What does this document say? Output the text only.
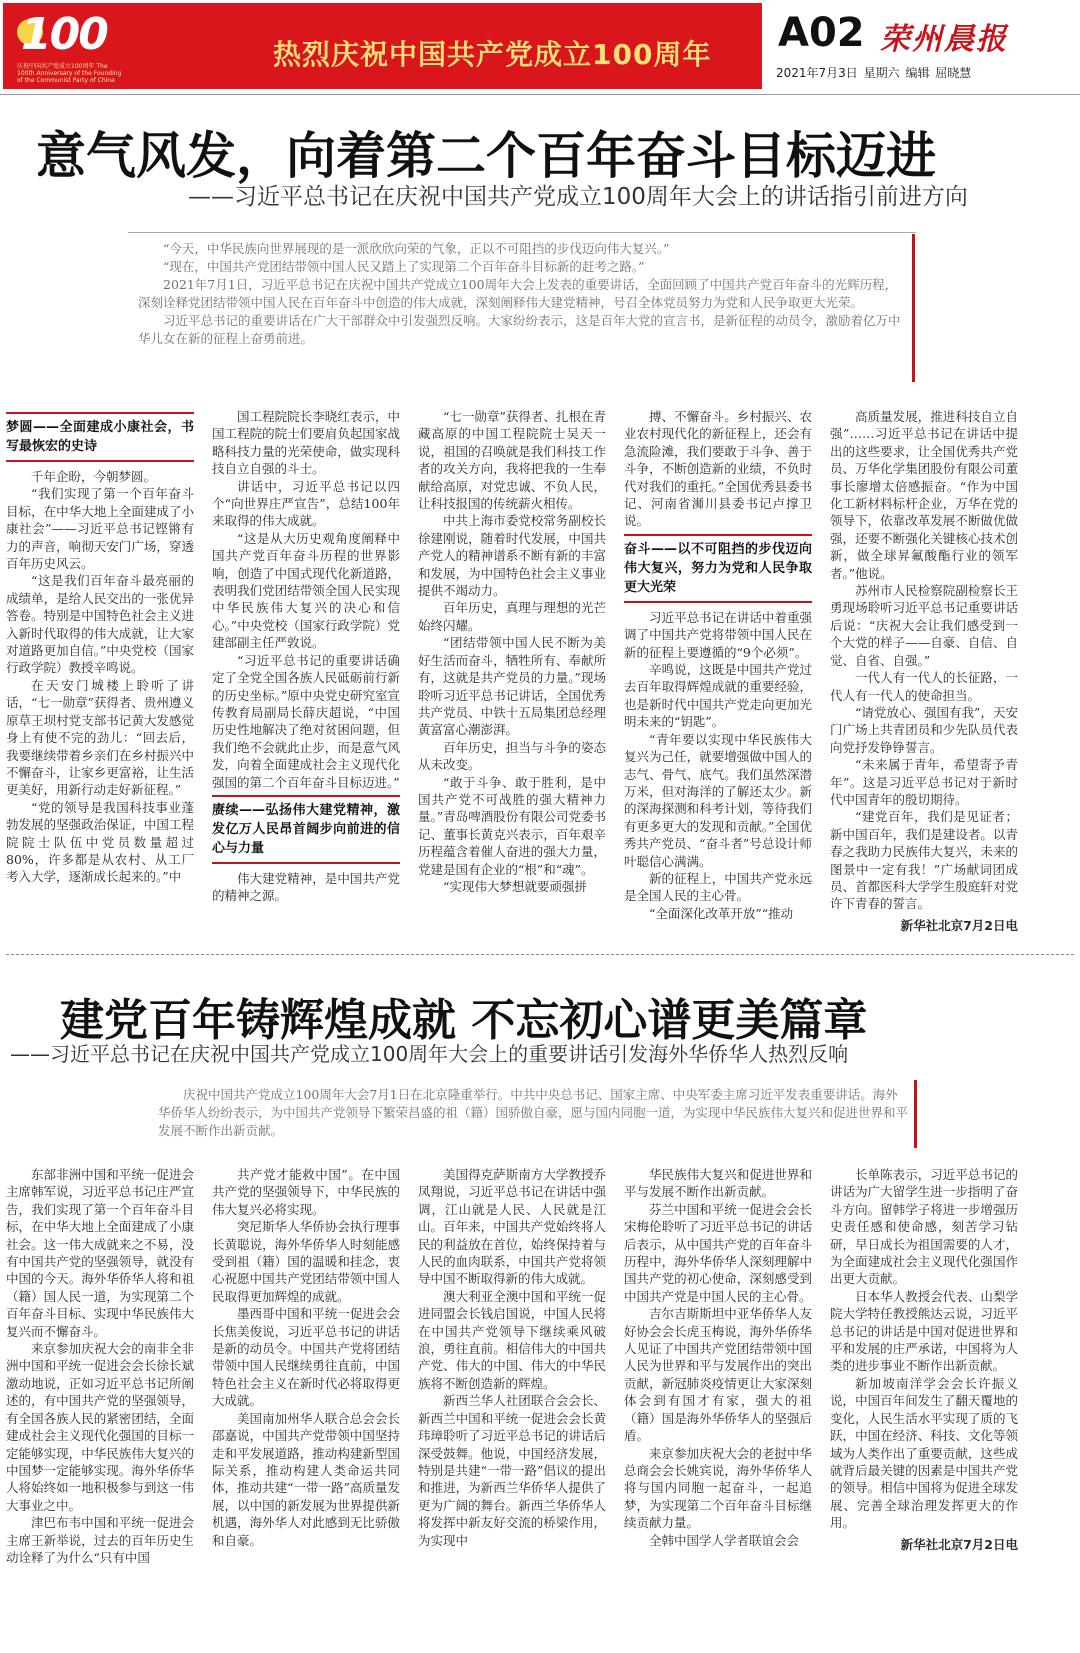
100
庆祝中国共产党成立100周年 The 100th Anniversary of the Founding of the Communist Party of China
热烈庆祝中国共产党成立100周年 A02 荣州晨报
2021年7月3日 星期六 编辑 屈晓慧
意气风发，向着第二个百年奋斗目标迈进
——习近平总书记在庆祝中国共产党成立100周年大会上的讲话指引前进方向

“今天，中华民族向世界展现的是一派欣欣向荣的气象，正以不可阻挡的步伐迈向伟大复兴。”

“现在，中国共产党团结带领中国人民又踏上了实现第二个百年奋斗目标新的赶考之路。”

2021年7月1日，习近平总书记在庆祝中国共产党成立100周年大会上发表的重要讲话，全面回顾了中国共产党百年奋斗的光辉历程，深刻诠释党团结带领中国人民在百年奋斗中创造的伟大成就，深刻阐释伟大建党精神，号召全体党员努力为党和人民争取更大光荣。

习近平总书记的重要讲话在广大干部群众中引发强烈反响。大家纷纷表示，这是百年大党的宣言书，是新征程的动员令，激励着亿万中华儿女在新的征程上奋勇前进。

梦圆——全面建成小康社会，书写最恢宏的史诗

千年企盼，今朝梦圆。

“我们实现了第一个百年奋斗目标，在中华大地上全面建成了小康社会”——习近平总书记铿锵有力的声音，响彻天安门广场，穿透百年历史风云。

“这是我们百年奋斗最亮丽的成绩单，是给人民交出的一张优异答卷。特别是中国特色社会主义进入新时代取得的伟大成就，让大家对道路更加自信。”中央党校（国家行政学院）教授辛鸣说。

在天安门城楼上聆听了讲话，“七一勋章”获得者、贵州遵义原草王坝村党支部书记黄大发感觉身上有使不完的劲儿：“回去后，我要继续带着乡亲们在乡村振兴中不懈奋斗，让家乡更富裕，让生活更美好，用新行动走好新征程。”

“党的领导是我国科技事业蓬勃发展的坚强政治保证，中国工程院院士队伍中党员数量超过80%，许多都是从农村、从工厂考入大学，逐渐成长起来的。”中

国工程院院长李晓红表示，中国工程院的院士们要肩负起国家战略科技力量的光荣使命，做实现科技自立自强的斗士。

讲话中，习近平总书记以四个“向世界庄严宣告”，总结100年来取得的伟大成就。

“这是从大历史观角度阐释中国共产党百年奋斗历程的世界影响，创造了中国式现代化新道路，表明我们党团结带领全国人民实现中华民族伟大复兴的决心和信心。”中央党校（国家行政学院）党建部副主任严敦说。

“习近平总书记的重要讲话确定了全党全国各族人民砥砺前行新的历史坐标。”原中央党史研究室宣传教育局副局长薛庆超说，“中国历史性地解决了绝对贫困问题，但我们绝不会就此止步，而是意气风发，向着全面建成社会主义现代化强国的第二个百年奋斗目标迈进。”

赓续——弘扬伟大建党精神，激发亿万人民昂首阔步向前进的信心与力量

伟大建党精神，是中国共产党的精神之源。

“七一勋章”获得者、扎根在青藏高原的中国工程院院士吴天一说，祖国的召唤就是我们科技工作者的攻关方向，我将把我的一生奉献给高原，对党忠诚、不负人民，让科技报国的传统薪火相传。

中共上海市委党校常务副校长徐建刚说，随着时代发展，中国共产党人的精神谱系不断有新的丰富和发展，为中国特色社会主义事业提供不竭动力。

百年历史，真理与理想的光芒始终闪耀。

“团结带领中国人民不断为美好生活而奋斗，牺牲所有、奉献所有，这就是共产党员的力量。”现场聆听习近平总书记讲话，全国优秀共产党员、中铁十五局集团总经理黄富富心潮澎湃。

百年历史，担当与斗争的姿态从未改变。

“敢于斗争、敢于胜利，是中国共产党不可战胜的强大精神力量。”青岛啤酒股份有限公司党委书记、董事长黄克兴表示，百年艰辛历程蕴含着催人奋进的强大力量，党建是国有企业的“根”和“魂”。

“实现伟大梦想就要顽强拼

搏、不懈奋斗。乡村振兴、农业农村现代化的新征程上，还会有急流险滩，我们要敢于斗争、善于斗争，不断创造新的业绩，不负时代对我们的重托。”全国优秀县委书记、河南省浉川县委书记卢撑卫说。

奋斗——以不可阻挡的步伐迈向伟大复兴，努力为党和人民争取更大光荣

习近平总书记在讲话中着重强调了中国共产党将带领中国人民在新的征程上要遵循的“9个必须”。

辛鸣说，这既是中国共产党过去百年取得辉煌成就的重要经验，也是新时代中国共产党走向更加光明未来的“钥匙”。

“青年要以实现中华民族伟大复兴为己任，就要增强做中国人的志气、骨气、底气。我们虽然深潜万米，但对海洋的了解还太少。新的深海探测和科考计划，等待我们有更多更大的发现和贡献。”全国优秀共产党员、“奋斗者”号总设计师叶聪信心满满。

新的征程上，中国共产党永远是全国人民的主心骨。

“全面深化改革开放”“推动

高质量发展，推进科技自立自强”……习近平总书记在讲话中提出的这些要求，让全国优秀共产党员、万华化学集团股份有限公司董事长廖增太倍感振奋。“作为中国化工新材料标杆企业，万华在党的领导下，依靠改革发展不断做优做强，还要不断强化关键核心技术创新，做全球昇氟酸酯行业的领军者。”他说。

苏州市人民检察院副检察长王勇现场聆听习近平总书记重要讲话后说：“庆祝大会让我们感受到一个大党的样子——自豪、自信、自觉、自省、自强。”

一代人有一代人的长征路，一代人有一代人的使命担当。

“请党放心、强国有我”，天安门广场上共青团员和少先队员代表向党抒发铮铮誓言。

“未来属于青年，希望寄予青年”。这是习近平总书记对于新时代中国青年的殷切期待。

“建党百年，我们是见证者；新中国百年，我们是建设者。以青春之我助力民族伟大复兴，未来的图景中一定有我！”广场献词团成员、首都医科大学学生殷庭轩对党许下青春的誓言。

新华社北京7月2日电
建党百年铸辉煌成就 不忘初心谱更美篇章
——习近平总书记在庆祝中国共产党成立100周年大会上的重要讲话引发海外华侨华人热烈反响

庆祝中国共产党成立100周年大会7月1日在北京隆重举行。中共中央总书记、国家主席、中央军委主席习近平发表重要讲话。海外华侨华人纷纷表示，为中国共产党领导下繁荣昌盛的祖（籍）国骄傲自豪，愿与国内同胞一道，为实现中华民族伟大复兴和促进世界和平发展不断作出新贡献。

东部非洲中国和平统一促进会主席韩军说，习近平总书记庄严宣告，我们实现了第一个百年奋斗目标，在中华大地上全面建成了小康社会。这一伟大成就来之不易，没有中国共产党的坚强领导，就没有中国的今天。海外华侨华人将和祖（籍）国人民一道，为实现第二个百年奋斗目标、实现中华民族伟大复兴而不懈奋斗。

来京参加庆祝大会的南非全非洲中国和平统一促进会会长徐长斌激动地说，正如习近平总书记所阐述的，有中国共产党的坚强领导，有全国各族人民的紧密团结，全面建成社会主义现代化强国的目标一定能够实现，中华民族伟大复兴的中国梦一定能够实现。海外华侨华人将始终如一地积极参与到这一伟大事业之中。

津巴布韦中国和平统一促进会主席王新举说，过去的百年历史生动诠释了为什么“只有中国

共产党才能救中国”。在中国共产党的坚强领导下，中华民族的伟大复兴必将实现。

突尼斯华人华侨协会执行理事长黄聪说，海外华侨华人时刻能感受到祖（籍）国的温暖和挂念，衷心祝愿中国共产党团结带领中国人民取得更加辉煌的成就。

墨西哥中国和平统一促进会会长焦美俊说，习近平总书记的讲话是新的动员令。中国共产党将团结带领中国人民继续勇往直前，中国特色社会主义在新时代必将取得更大成就。

美国南加州华人联合总会会长邵嘉说，中国共产党带领中国坚持走和平发展道路，推动构建新型国际关系，推动构建人类命运共同体，推动共建“一带一路”高质量发展，以中国的新发展为世界提供新机遇，海外华人对此感到无比骄傲和自豪。

美国得克萨斯南方大学教授乔凤翔说，习近平总书记在讲话中强调，江山就是人民、人民就是江山。百年来，中国共产党始终将人民的利益放在首位，始终保持着与人民的血肉联系，中国共产党将领导中国不断取得新的伟大成就。

澳大利亚全澳中国和平统一促进同盟会长钱启国说，中国人民将在中国共产党领导下继续乘风破浪，勇往直前。相信伟大的中国共产党、伟大的中国、伟大的中华民族将不断创造新的辉煌。

新西兰华人社团联合会会长、新西兰中国和平统一促进会会长黄玮璋聆听了习近平总书记的讲话后深受鼓舞。他说，中国经济发展，特别是共建“一带一路”倡议的提出和推进，为新西兰华侨华人提供了更为广阔的舞台。新西兰华侨华人将发挥中新友好交流的桥梁作用，为实现中

华民族伟大复兴和促进世界和平与发展不断作出新贡献。

芬兰中国和平统一促进会会长宋梅伦聆听了习近平总书记的讲话后表示，从中国共产党的百年奋斗历程中，海外华侨华人深刻理解中国共产党的初心使命，深刻感受到中国共产党是中国人民的主心骨。

吉尔吉斯斯坦中亚华侨华人友好协会会长虎玉梅说，海外华侨华人见证了中国共产党团结带领中国人民为世界和平与发展作出的突出贡献，新冠肺炎疫情更让大家深刻体会到有国才有家，强大的祖（籍）国是海外华侨华人的坚强后盾。

来京参加庆祝大会的老挝中华总商会会长姚宾说，海外华侨华人将与国内同胞一起奋斗，一起追梦，为实现第二个百年奋斗目标继续贡献力量。

全韩中国学人学者联谊会会

长单陈表示，习近平总书记的讲话为广大留学生进一步指明了奋斗方向。留韩学子将进一步增强历史责任感和使命感，刻苦学习钻研，早日成长为祖国需要的人才，为全面建成社会主义现代化强国作出更大贡献。

日本华人教授会代表、山梨学院大学特任教授熊达云说，习近平总书记的讲话是中国对促进世界和平和发展的庄严承诺，中国将为人类的进步事业不断作出新贡献。

新加坡南洋学会会长许振义说，中国百年间发生了翻天覆地的变化，人民生活水平实现了质的飞跃，中国在经济、科技、文化等领域为人类作出了重要贡献，这些成就背后最关键的因素是中国共产党的领导。相信中国将为促进全球发展、完善全球治理发挥更大的作用。

新华社北京7月2日电
